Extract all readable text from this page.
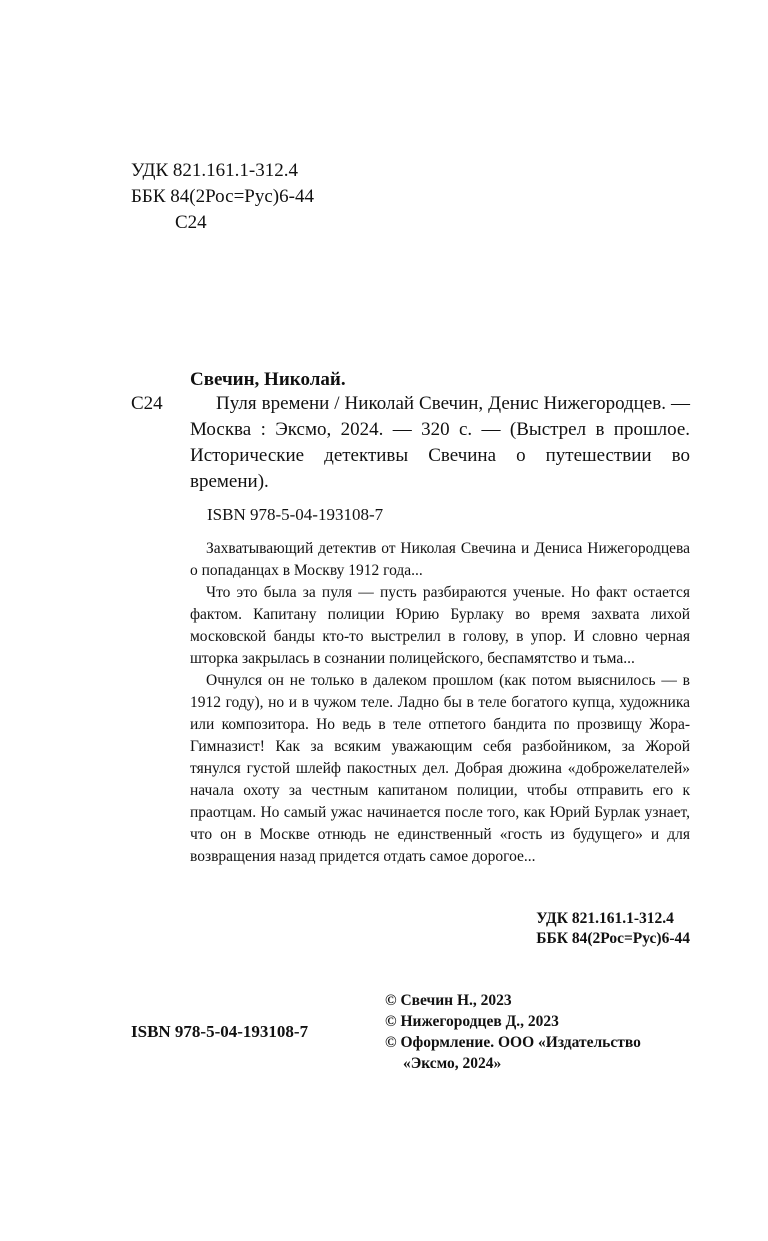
УДК 821.161.1-312.4
ББК 84(2Рос=Рус)6-44
С24
Свечин, Николай.
С24	Пуля времени / Николай Свечин, Денис Нижегородцев. — Москва : Эксмо, 2024. — 320 с. — (Выстрел в прошлое. Исторические детективы Свечина о путешествии во времени).

ISBN 978-5-04-193108-7

Захватывающий детектив от Николая Свечина и Дениса Нижегородцева о попаданцах в Москву 1912 года...

Что это была за пуля — пусть разбираются ученые. Но факт остается фактом. Капитану полиции Юрию Бурлаку во время захвата лихой московской банды кто-то выстрелил в голову, в упор. И словно черная шторка закрылась в сознании полицейского, беспамятство и тьма...

Очнулся он не только в далеком прошлом (как потом выяснилось — в 1912 году), но и в чужом теле. Ладно бы в теле богатого купца, художника или композитора. Но ведь в теле отпетого бандита по прозвищу Жора-Гимназист! Как за всяким уважающим себя разбойником, за Жорой тянулся густой шлейф пакостных дел. Добрая дюжина «доброжелателей» начала охоту за честным капитаном полиции, чтобы отправить его к праотцам. Но самый ужас начинается после того, как Юрий Бурлак узнает, что он в Москве отнюдь не единственный «гость из будущего» и для возвращения назад придется отдать самое дорогое...

УДК 821.161.1-312.4
ББК 84(2Рос=Рус)6-44
© Свечин Н., 2023
© Нижегородцев Д., 2023
© Оформление. ООО «Издательство
«Эксмо, 2024»
ISBN 978-5-04-193108-7
